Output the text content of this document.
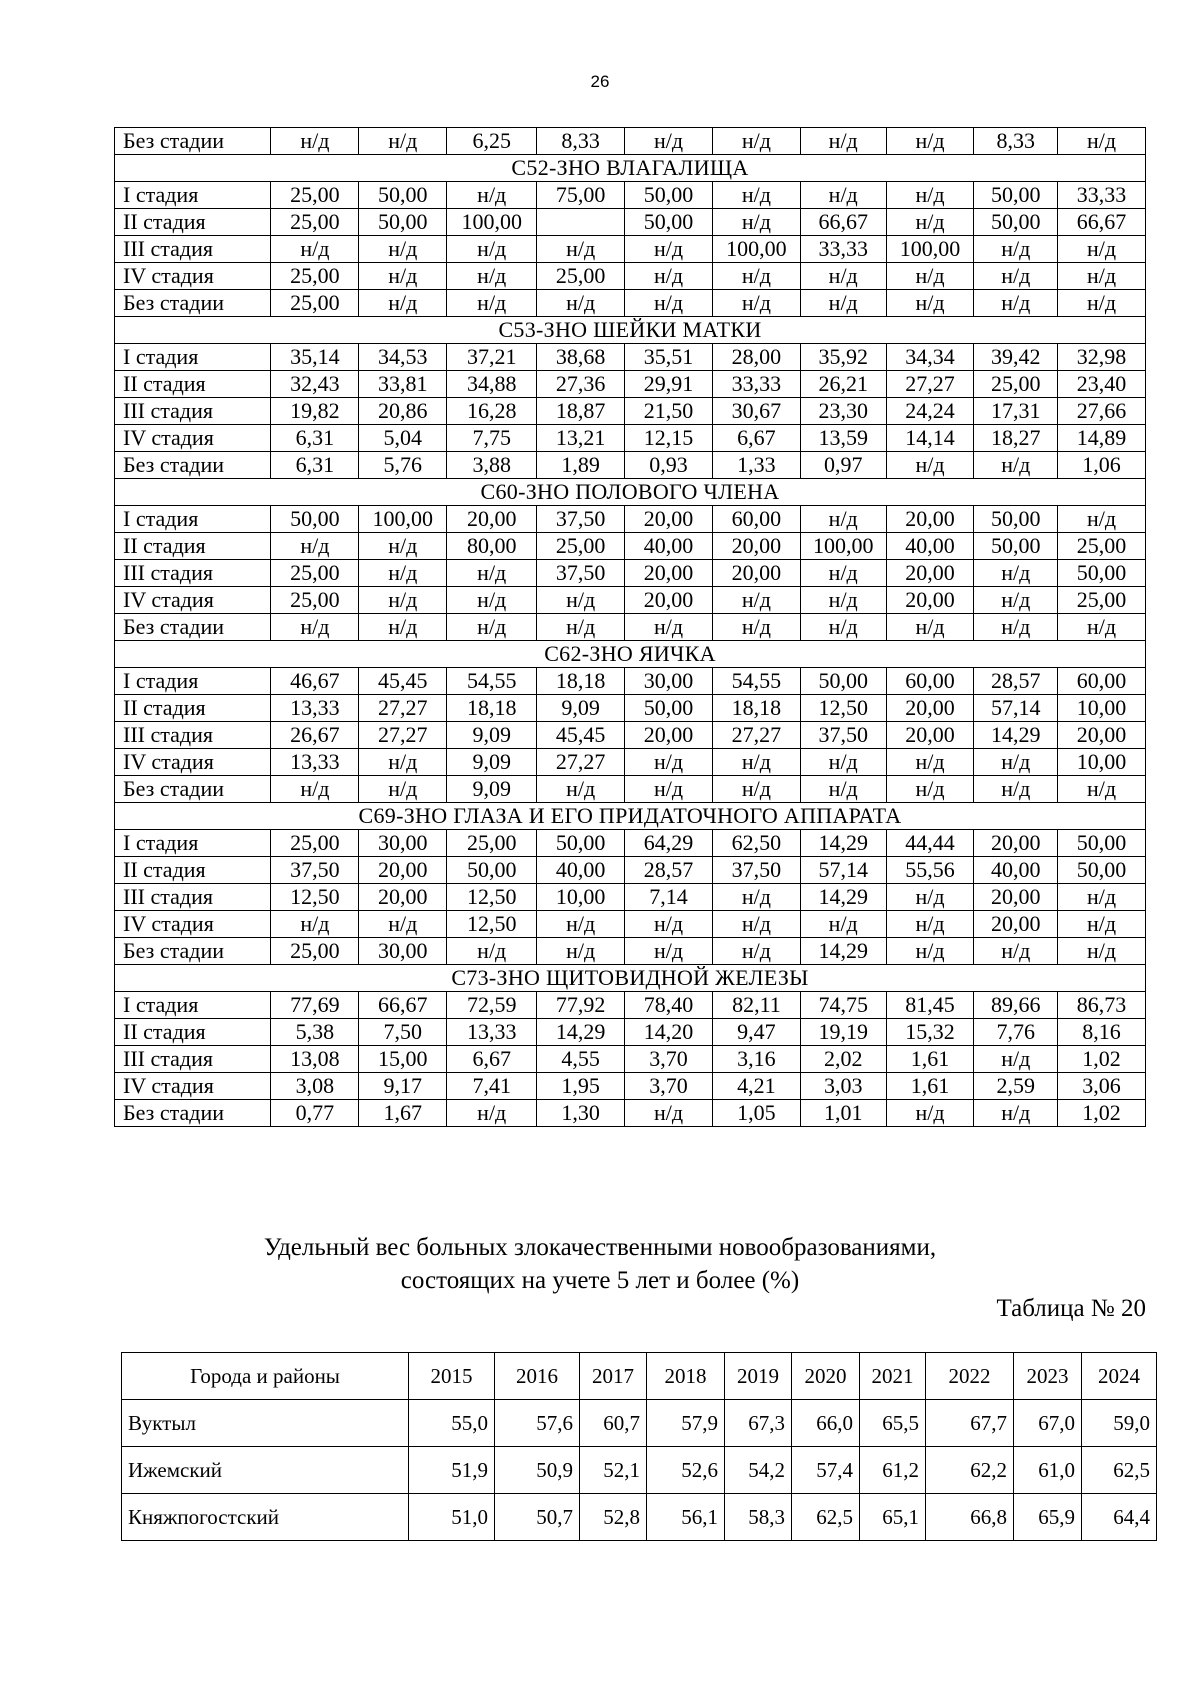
26
Без стадии	н/д	н/д	6,25	8,33	н/д	н/д	н/д	н/д	8,33	н/д
С52-ЗНО ВЛАГАЛИЩА										
I стадия	25,00	50,00	н/д	75,00	50,00	н/д	н/д	н/д	50,00	33,33
II стадия	25,00	50,00	100,00		50,00	н/д	66,67	н/д	50,00	66,67
III стадия	н/д	н/д	н/д	н/д	н/д	100,00	33,33	100,00	н/д	н/д
IV стадия	25,00	н/д	н/д	25,00	н/д	н/д	н/д	н/д	н/д	н/д
Без стадии	25,00	н/д	н/д	н/д	н/д	н/д	н/д	н/д	н/д	н/д
С53-ЗНО ШЕЙКИ МАТКИ										
I стадия	35,14	34,53	37,21	38,68	35,51	28,00	35,92	34,34	39,42	32,98
II стадия	32,43	33,81	34,88	27,36	29,91	33,33	26,21	27,27	25,00	23,40
III стадия	19,82	20,86	16,28	18,87	21,50	30,67	23,30	24,24	17,31	27,66
IV стадия	6,31	5,04	7,75	13,21	12,15	6,67	13,59	14,14	18,27	14,89
Без стадии	6,31	5,76	3,88	1,89	0,93	1,33	0,97	н/д	н/д	1,06
С60-ЗНО ПОЛОВОГО ЧЛЕНА										
I стадия	50,00	100,00	20,00	37,50	20,00	60,00	н/д	20,00	50,00	н/д
II стадия	н/д	н/д	80,00	25,00	40,00	20,00	100,00	40,00	50,00	25,00
III стадия	25,00	н/д	н/д	37,50	20,00	20,00	н/д	20,00	н/д	50,00
IV стадия	25,00	н/д	н/д	н/д	20,00	н/д	н/д	20,00	н/д	25,00
Без стадии	н/д	н/д	н/д	н/д	н/д	н/д	н/д	н/д	н/д	н/д
С62-ЗНО ЯИЧКА										
I стадия	46,67	45,45	54,55	18,18	30,00	54,55	50,00	60,00	28,57	60,00
II стадия	13,33	27,27	18,18	9,09	50,00	18,18	12,50	20,00	57,14	10,00
III стадия	26,67	27,27	9,09	45,45	20,00	27,27	37,50	20,00	14,29	20,00
IV стадия	13,33	н/д	9,09	27,27	н/д	н/д	н/д	н/д	н/д	10,00
Без стадии	н/д	н/д	9,09	н/д	н/д	н/д	н/д	н/д	н/д	н/д
С69-ЗНО ГЛАЗА И ЕГО ПРИДАТОЧНОГО АППАРАТА										
I стадия	25,00	30,00	25,00	50,00	64,29	62,50	14,29	44,44	20,00	50,00
II стадия	37,50	20,00	50,00	40,00	28,57	37,50	57,14	55,56	40,00	50,00
III стадия	12,50	20,00	12,50	10,00	7,14	н/д	14,29	н/д	20,00	н/д
IV стадия	н/д	н/д	12,50	н/д	н/д	н/д	н/д	н/д	20,00	н/д
Без стадии	25,00	30,00	н/д	н/д	н/д	н/д	14,29	н/д	н/д	н/д
С73-ЗНО ЩИТОВИДНОЙ ЖЕЛЕЗЫ										
I стадия	77,69	66,67	72,59	77,92	78,40	82,11	74,75	81,45	89,66	86,73
II стадия	5,38	7,50	13,33	14,29	14,20	9,47	19,19	15,32	7,76	8,16
III стадия	13,08	15,00	6,67	4,55	3,70	3,16	2,02	1,61	н/д	1,02
IV стадия	3,08	9,17	7,41	1,95	3,70	4,21	3,03	1,61	2,59	3,06
Без стадии	0,77	1,67	н/д	1,30	н/д	1,05	1,01	н/д	н/д	1,02
Удельный вес больных злокачественными новообразованиями,
состоящих на учете 5 лет и более (%)
Таблица № 20
Города и районы	2015	2016	2017	2018	2019	2020	2021	2022	2023	2024
Вуктыл	55,0	57,6	60,7	57,9	67,3	66,0	65,5	67,7	67,0	59,0
Ижемский	51,9	50,9	52,1	52,6	54,2	57,4	61,2	62,2	61,0	62,5
Княжпогостский	51,0	50,7	52,8	56,1	58,3	62,5	65,1	66,8	65,9	64,4
